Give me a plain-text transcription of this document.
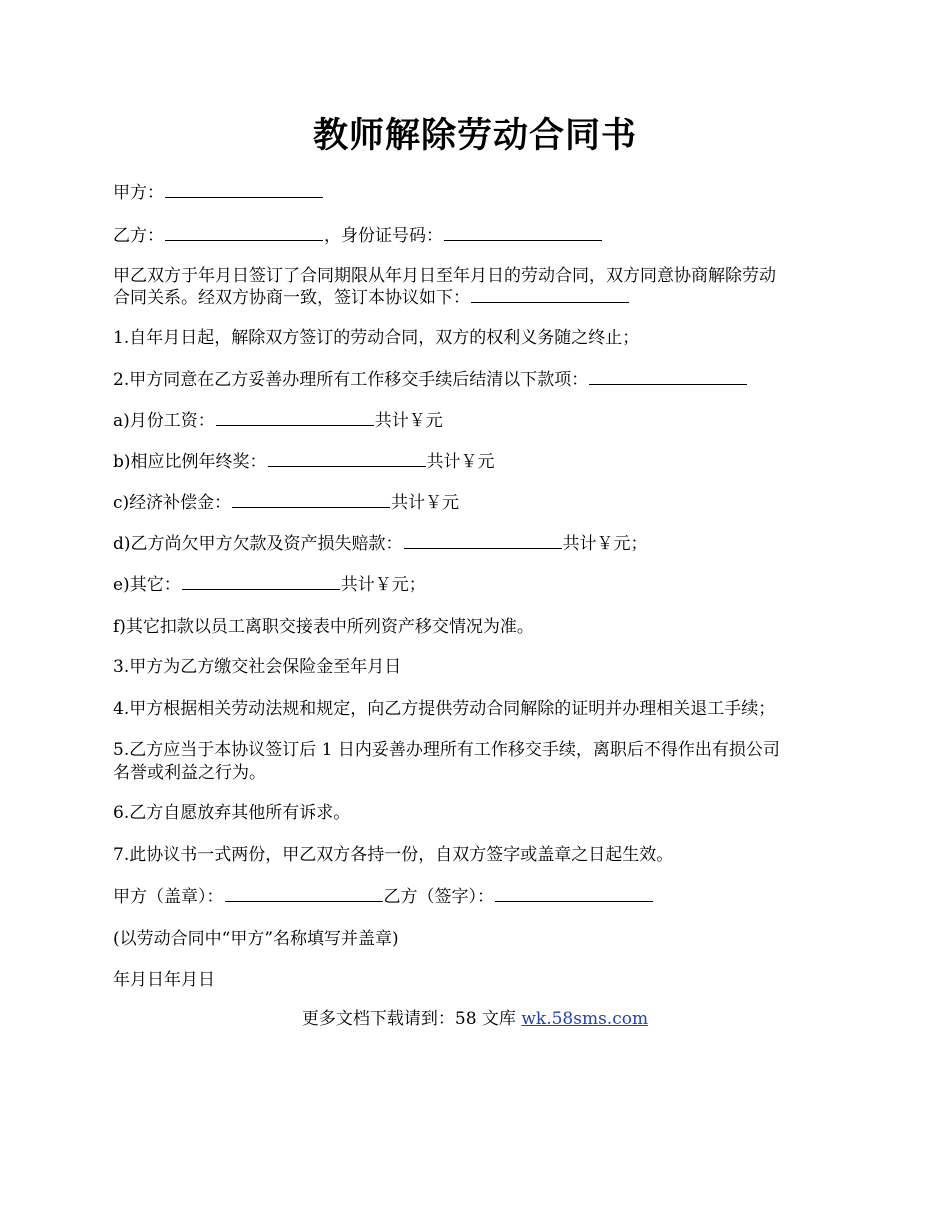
教师解除劳动合同书
甲方：
乙方：	，身份证号码：
甲乙双方于年月日签订了合同期限从年月日至年月日的劳动合同，双方同意协商解除劳动
合同关系。经双方协商一致，签订本协议如下：
1.自年月日起，解除双方签订的劳动合同，双方的权利义务随之终止；
2.甲方同意在乙方妥善办理所有工作移交手续后结清以下款项：
a)月份工资：	共计￥元
b)相应比例年终奖：	共计￥元
c)经济补偿金：	共计￥元
d)乙方尚欠甲方欠款及资产损失赔款：	共计￥元；
e)其它：	共计￥元；
f)其它扣款以员工离职交接表中所列资产移交情况为准。
3.甲方为乙方缴交社会保险金至年月日
4.甲方根据相关劳动法规和规定，向乙方提供劳动合同解除的证明并办理相关退工手续；
5.乙方应当于本协议签订后 1 日内妥善办理所有工作移交手续，离职后不得作出有损公司
名誉或利益之行为。
6.乙方自愿放弃其他所有诉求。
7.此协议书一式两份，甲乙双方各持一份，自双方签字或盖章之日起生效。
甲方（盖章）：	乙方（签字）：
(以劳动合同中“甲方”名称填写并盖章)
年月日年月日
更多文档下载请到：58 文库 wk.58sms.com
